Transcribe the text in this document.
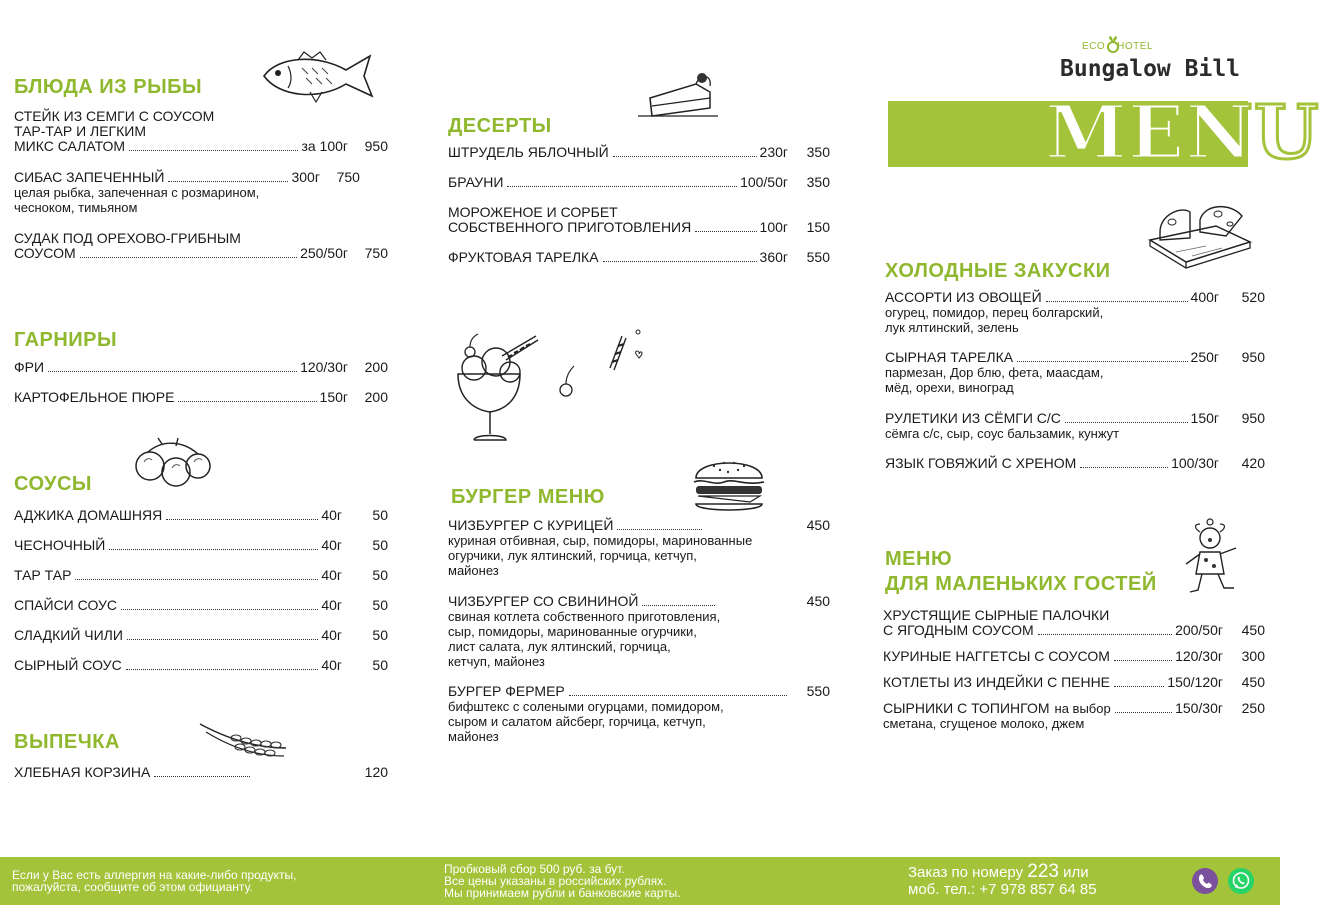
БЛЮДА ИЗ РЫБЫ
СТЕЙК ИЗ СЕМГИ С СОУСОМ
ТАР-ТАР И ЛЕГКИМ
МИКС САЛАТОМ	за 100г	950
СИБАС ЗАПЕЧЕННЫЙ	300г	750
целая рыбка, запеченная с розмарином,
чесноком, тимьяном
СУДАК ПОД ОРЕХОВО-ГРИБНЫМ
СОУСОМ	250/50г	750
ГАРНИРЫ
ФРИ	120/30г	200
КАРТОФЕЛЬНОЕ ПЮРЕ	150г	200
СОУСЫ
АДЖИКА ДОМАШНЯЯ	40г	50
ЧЕСНОЧНЫЙ	40г	50
ТАР ТАР	40г	50
СПАЙСИ СОУС	40г	50
СЛАДКИЙ ЧИЛИ	40г	50
СЫРНЫЙ СОУС	40г	50
ВЫПЕЧКА
ХЛЕБНАЯ КОРЗИНА	120
ДЕСЕРТЫ
ШТРУДЕЛЬ ЯБЛОЧНЫЙ	230г	350
БРАУНИ	100/50г	350
МОРОЖЕНОЕ И СОРБЕТ
СОБСТВЕННОГО ПРИГОТОВЛЕНИЯ	100г	150
ФРУКТОВАЯ ТАРЕЛКА	360г	550
БУРГЕР МЕНЮ
ЧИЗБУРГЕР С КУРИЦЕЙ	450
куриная отбивная, сыр, помидоры, маринованные
огурчики, лук ялтинский, горчица, кетчуп,
майонез
ЧИЗБУРГЕР СО СВИНИНОЙ	450
свиная котлета собственного приготовления,
сыр, помидоры, маринованные огурчики,
лист салата, лук ялтинский, горчица,
кетчуп, майонез
БУРГЕР ФЕРМЕР	550
бифштекс с солеными огурцами, помидором,
сыром и салатом айсберг, горчица, кетчуп,
майонез
ECO HOTEL
Bungalow Bill
MENU
ХОЛОДНЫЕ ЗАКУСКИ
АССОРТИ ИЗ ОВОЩЕЙ	400г	520
огурец, помидор, перец болгарский,
лук ялтинский, зелень
СЫРНАЯ ТАРЕЛКА	250г	950
пармезан, Дор блю, фета, маасдам,
мёд, орехи, виноград
РУЛЕТИКИ ИЗ СЁМГИ С/С	150г	950
сёмга с/с, сыр, соус бальзамик, кунжут
ЯЗЫК ГОВЯЖИЙ С ХРЕНОМ	100/30г	420
МЕНЮ
ДЛЯ МАЛЕНЬКИХ ГОСТЕЙ
ХРУСТЯЩИЕ СЫРНЫЕ ПАЛОЧКИ
С ЯГОДНЫМ СОУСОМ	200/50г	450
КУРИНЫЕ НАГГЕТСЫ С СОУСОМ	120/30г	300
КОТЛЕТЫ ИЗ ИНДЕЙКИ С ПЕННЕ	150/120г	450
СЫРНИКИ С ТОПИНГОМ на выбор	150/30г	250
сметана, сгущеное молоко, джем
Если у Вас есть аллергия на какие-либо продукты,
пожалуйста, сообщите об этом официанту.
Пробковый сбор 500 руб. за бут.
Все цены указаны в российских рублях.
Мы принимаем рубли и банковские карты.
Заказ по номеру 223 или
моб. тел.: +7 978 857 64 85
